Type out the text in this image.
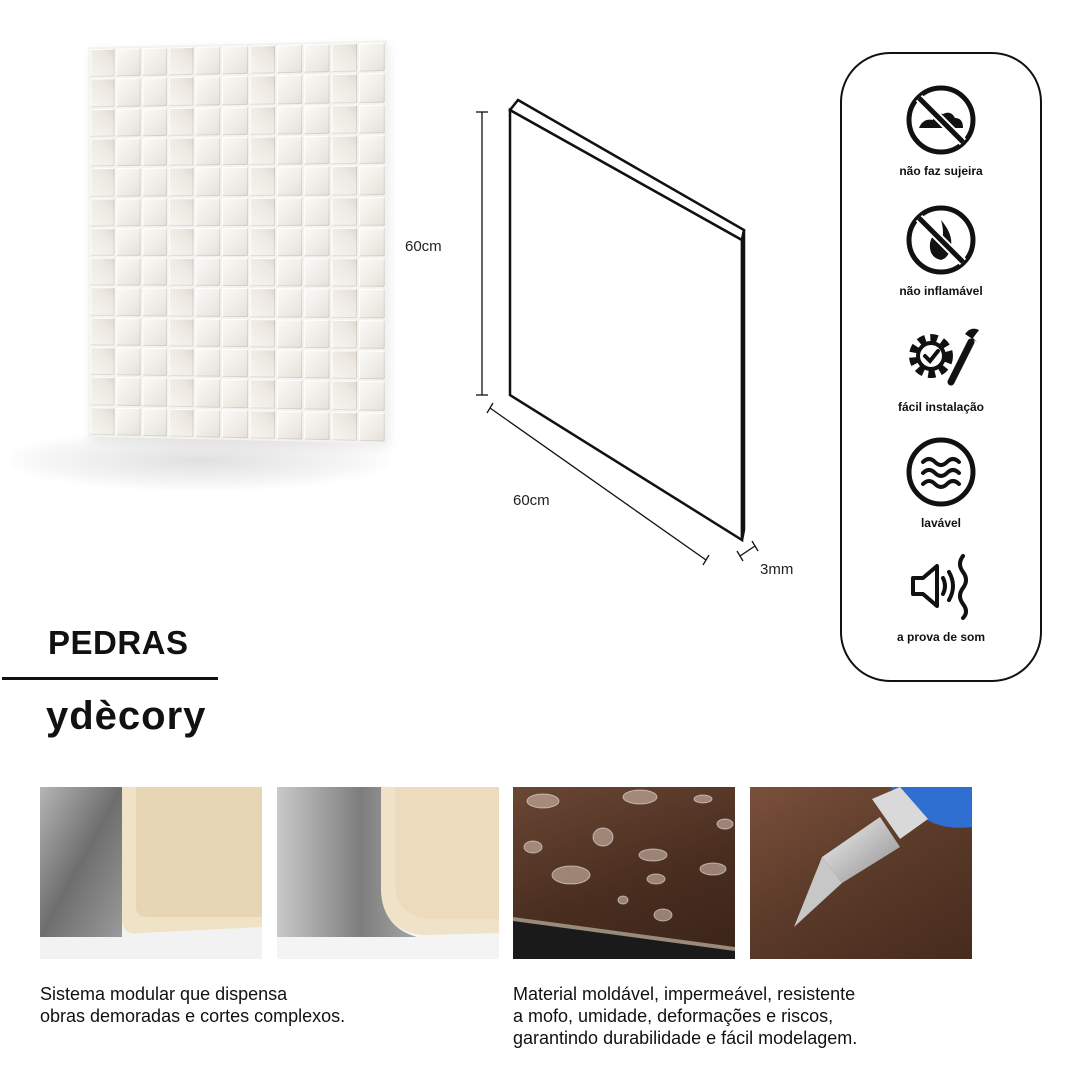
60cm
60cm
3mm
não faz sujeira
não inflamável
fácil instalação
lavável
a prova de som
PEDRAS
ydècory
Sistema modular que dispensa
obras demoradas e cortes complexos.
Material moldável, impermeável, resistente
a mofo, umidade, deformações e riscos,
garantindo durabilidade e fácil modelagem.
